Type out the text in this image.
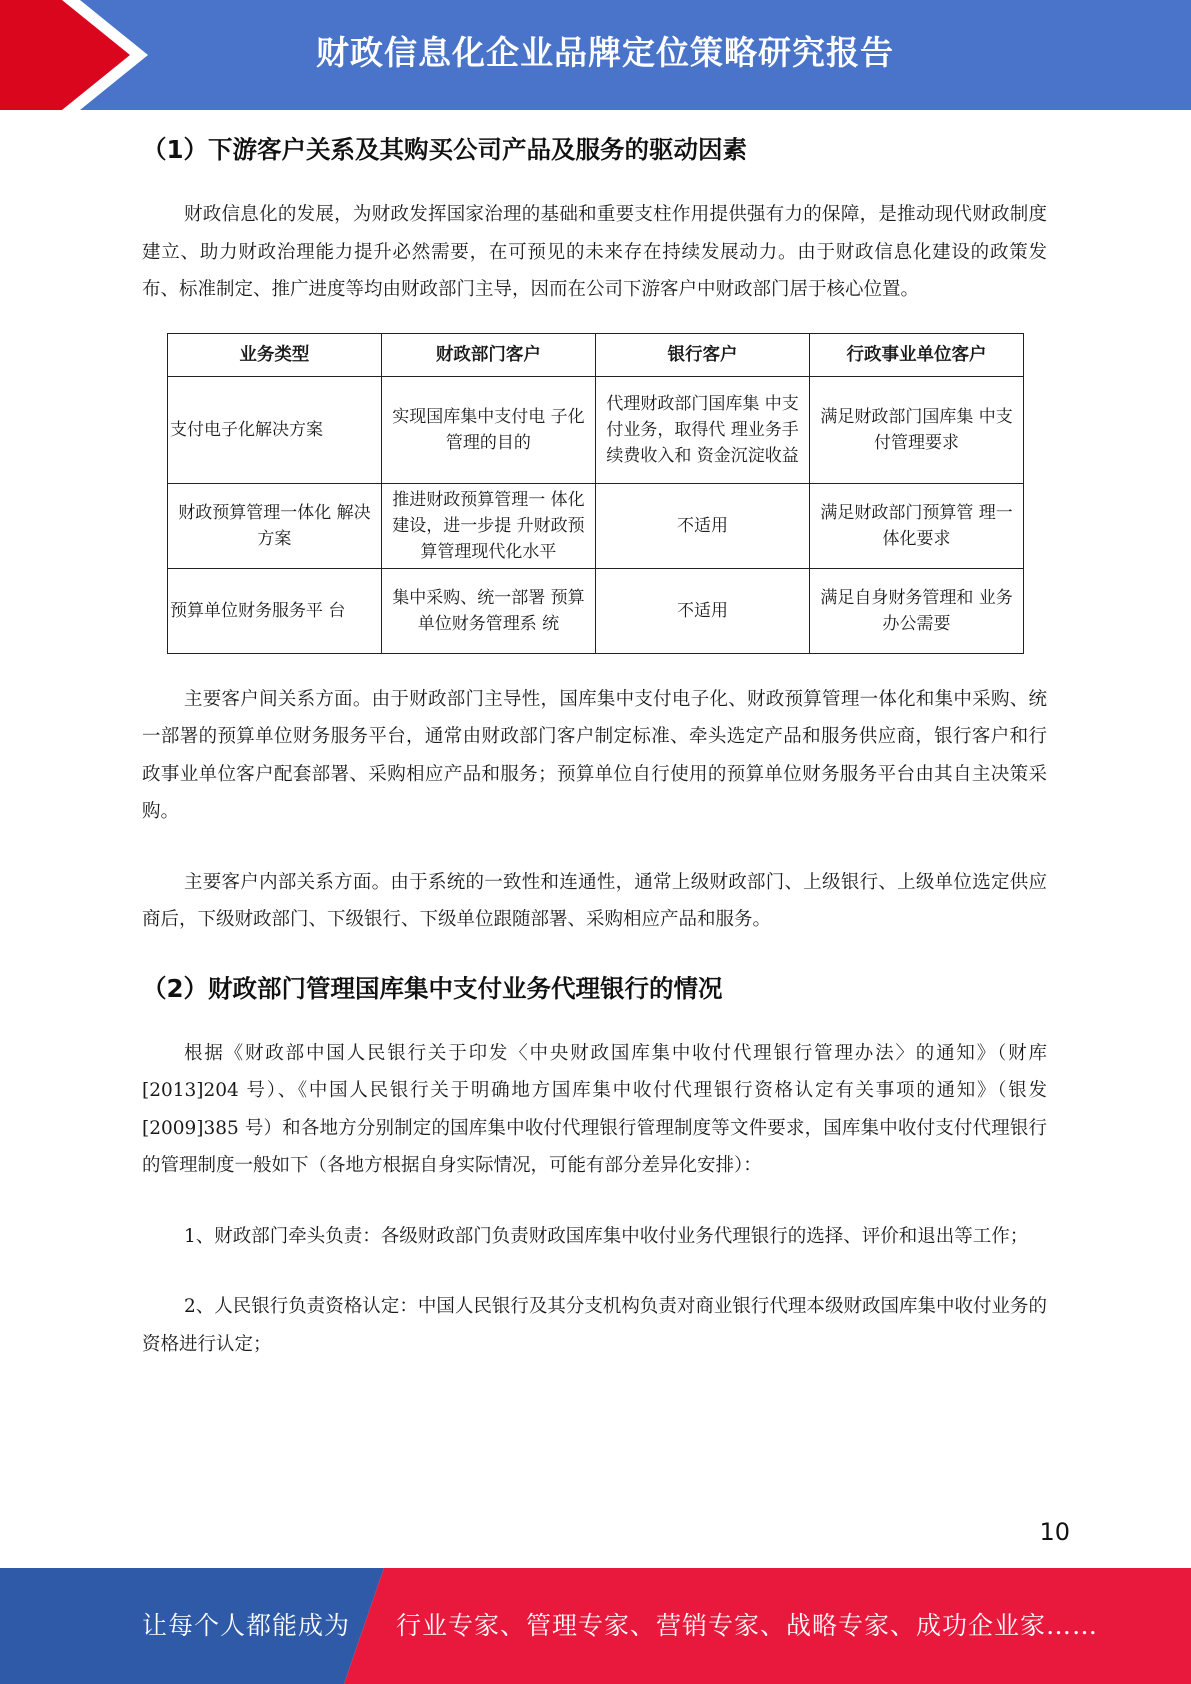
财政信息化企业品牌定位策略研究报告
（1）下游客户关系及其购买公司产品及服务的驱动因素

财政信息化的发展，为财政发挥国家治理的基础和重要支柱作用提供强有力的保障，是推动现代财政制度建立、助力财政治理能力提升必然需要，在可预见的未来存在持续发展动力。由于财政信息化建设的政策发布、标准制定、推广进度等均由财政部门主导，因而在公司下游客户中财政部门居于核心位置。

业务类型	财政部门客户	银行客户	行政事业单位客户
支付电子化解决方案	实现国库集中支付电 子化管理的目的	代理财政部门国库集 中支付业务，取得代 理业务手续费收入和 资金沉淀收益	满足财政部门国库集 中支付管理要求
财政预算管理一体化 解决方案	推进财政预算管理一 体化建设，进一步提 升财政预算管理现代化水平	不适用	满足财政部门预算管 理一体化要求
预算单位财务服务平 台	集中采购、统一部署 预算单位财务管理系 统	不适用	满足自身财务管理和 业务办公需要

主要客户间关系方面。由于财政部门主导性，国库集中支付电子化、财政预算管理一体化和集中采购、统一部署的预算单位财务服务平台，通常由财政部门客户制定标准、牵头选定产品和服务供应商，银行客户和行政事业单位客户配套部署、采购相应产品和服务；预算单位自行使用的预算单位财务服务平台由其自主决策采购。

主要客户内部关系方面。由于系统的一致性和连通性，通常上级财政部门、上级银行、上级单位选定供应商后，下级财政部门、下级银行、下级单位跟随部署、采购相应产品和服务。

（2）财政部门管理国库集中支付业务代理银行的情况

根据《财政部中国人民银行关于印发〈中央财政国库集中收付代理银行管理办法〉的通知》（财库[2013]204 号）、《中国人民银行关于明确地方国库集中收付代理银行资格认定有关事项的通知》（银发[2009]385 号）和各地方分别制定的国库集中收付代理银行管理制度等文件要求，国库集中收付支付代理银行的管理制度一般如下（各地方根据自身实际情况，可能有部分差异化安排）：

1、财政部门牵头负责：各级财政部门负责财政国库集中收付业务代理银行的选择、评价和退出等工作；

2、人民银行负责资格认定：中国人民银行及其分支机构负责对商业银行代理本级财政国库集中收付业务的资格进行认定；

10
让每个人都能成为 行业专家、管理专家、营销专家、战略专家、成功企业家……
